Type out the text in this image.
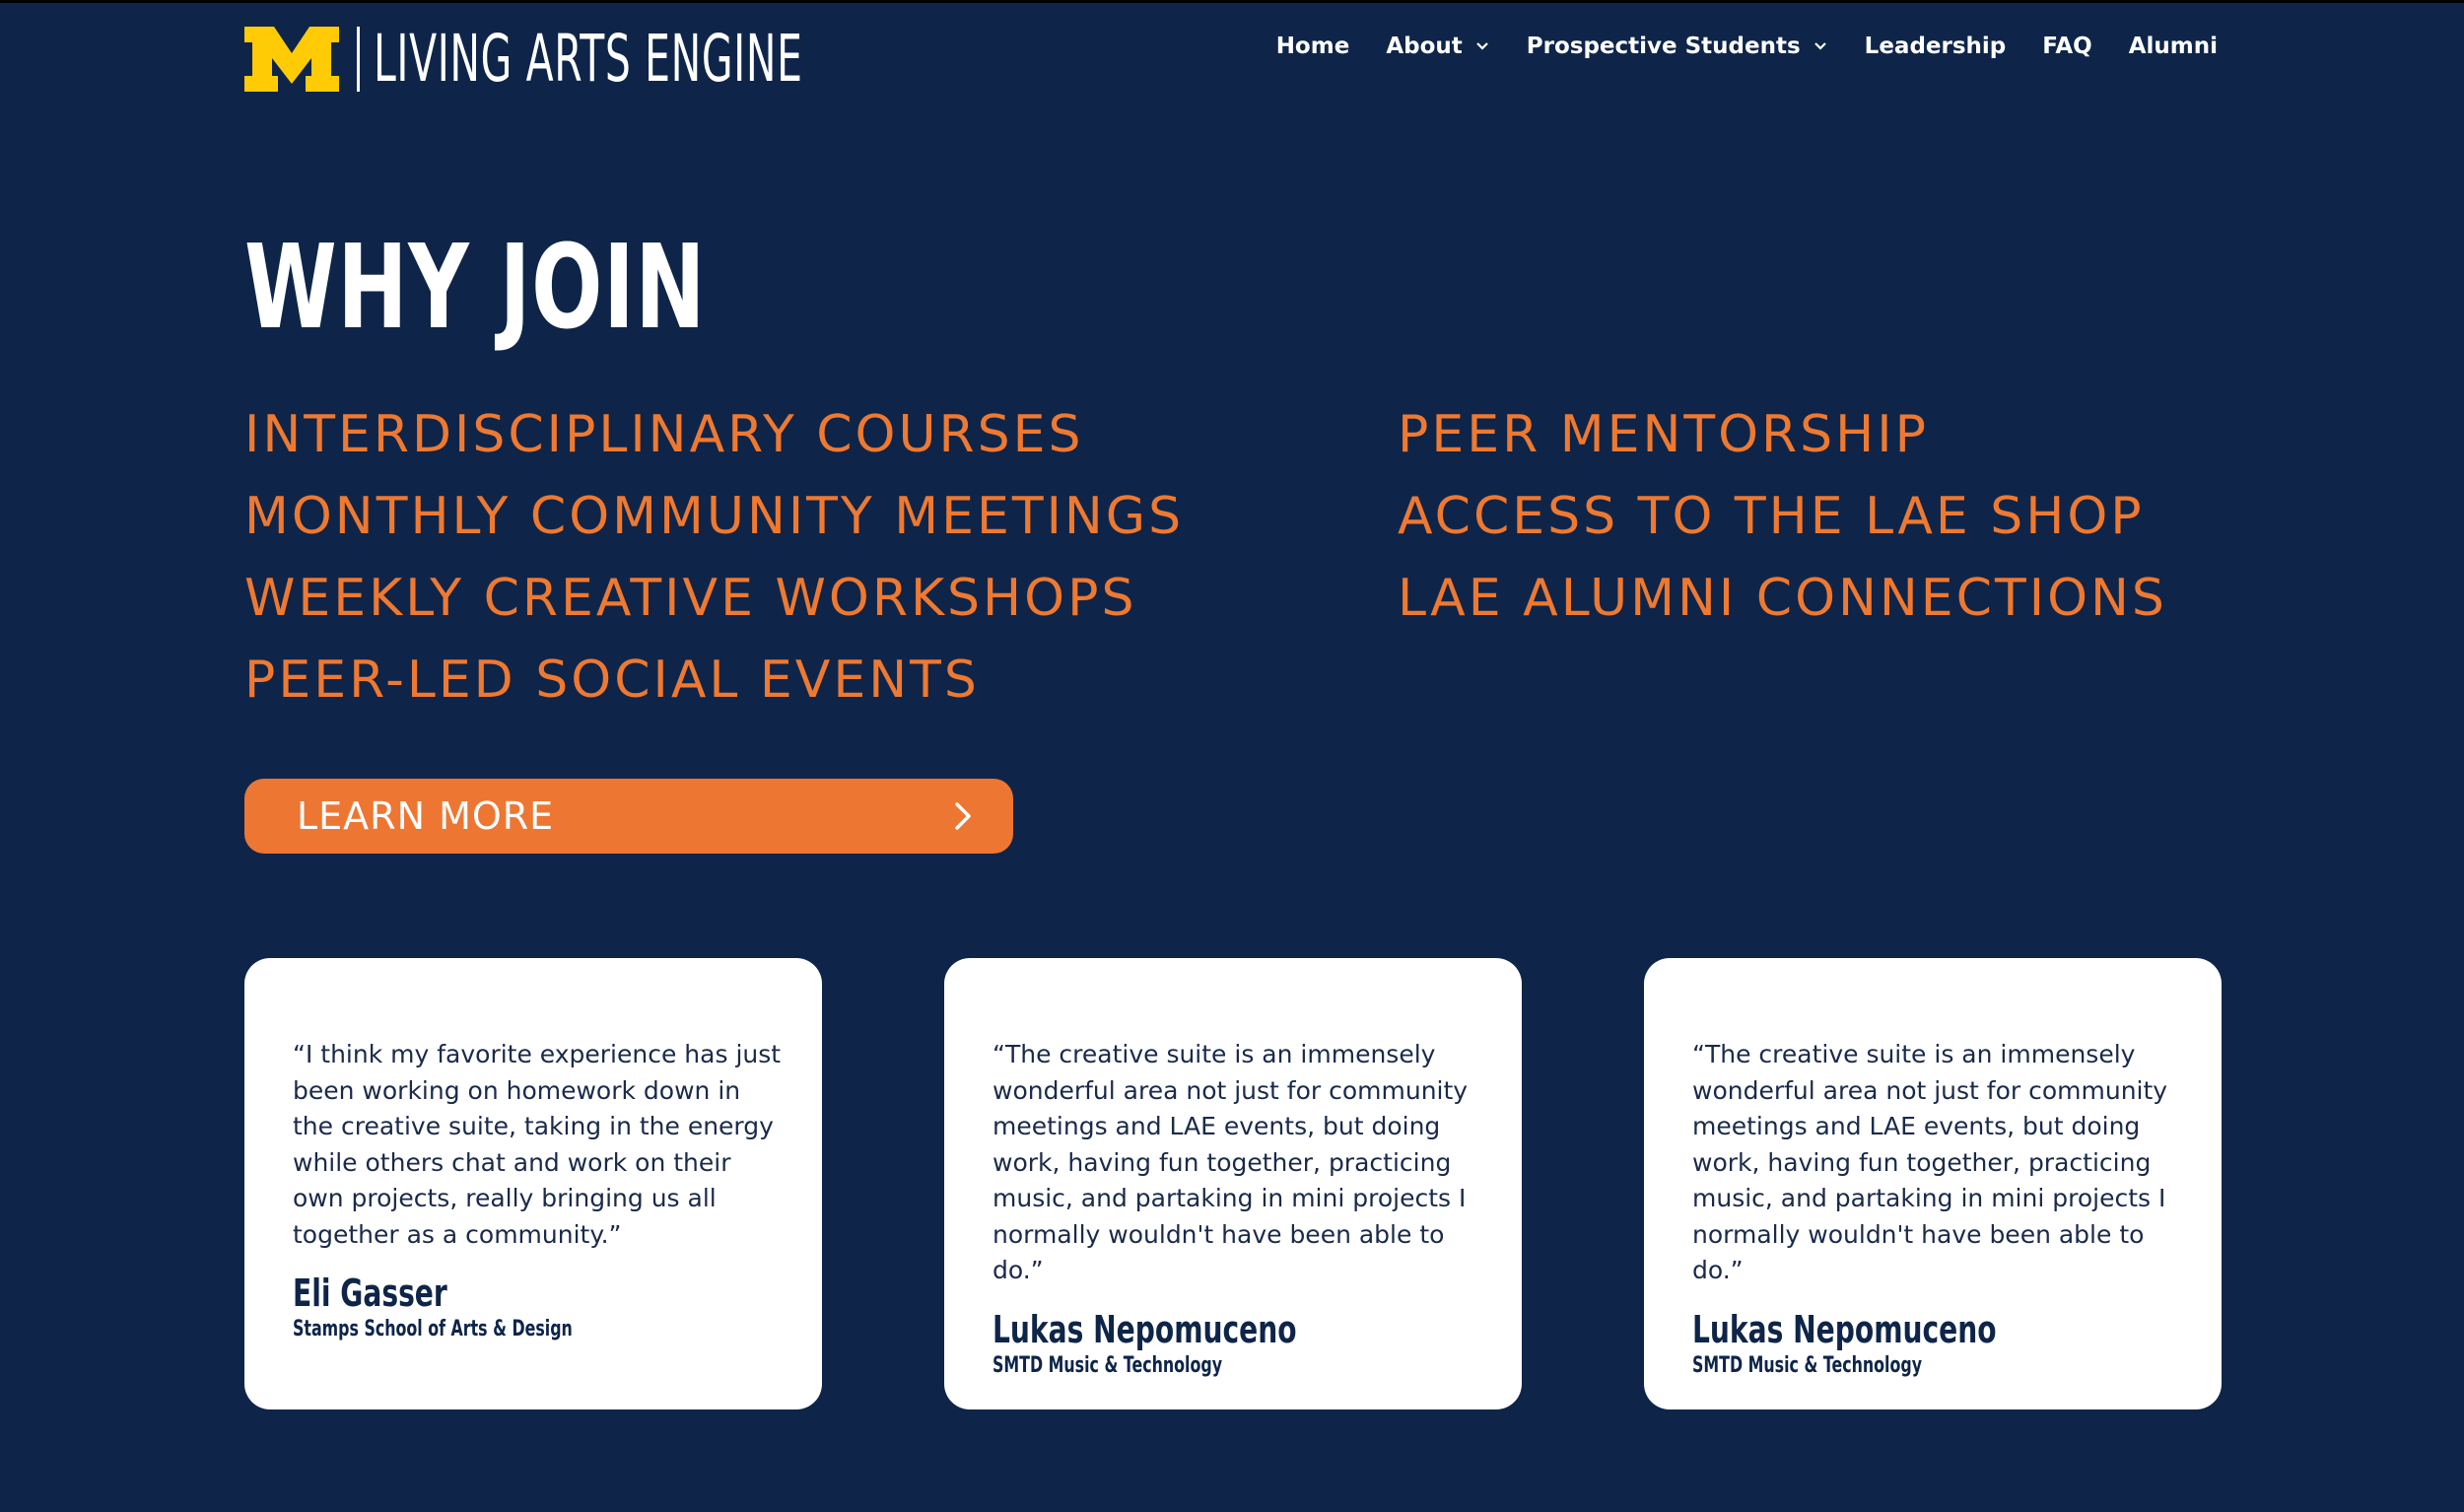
LIVING ARTS ENGINE	Home About	Prospective Students	Leadership FAQ Alumni
WHY JOIN
INTERDISCIPLINARY COURSES
MONTHLY COMMUNITY MEETINGS
WEEKLY CREATIVE WORKSHOPS
PEER-LED SOCIAL EVENTS
PEER MENTORSHIP
ACCESS TO THE LAE SHOP
LAE ALUMNI CONNECTIONS
LEARN MORE

“I think my favorite experience has just been working on homework down in the creative suite, taking in the energy while others chat and work on their own projects, really bringing us all together as a community.”

Eli Gasser
Stamps School of Arts & Design

“The creative suite is an immensely wonderful area not just for community meetings and LAE events, but doing work, having fun together, practicing music, and partaking in mini projects I normally wouldn't have been able to do.”

Lukas Nepomuceno
SMTD Music & Technology

“The creative suite is an immensely wonderful area not just for community meetings and LAE events, but doing work, having fun together, practicing music, and partaking in mini projects I normally wouldn't have been able to do.”

Lukas Nepomuceno
SMTD Music & Technology
